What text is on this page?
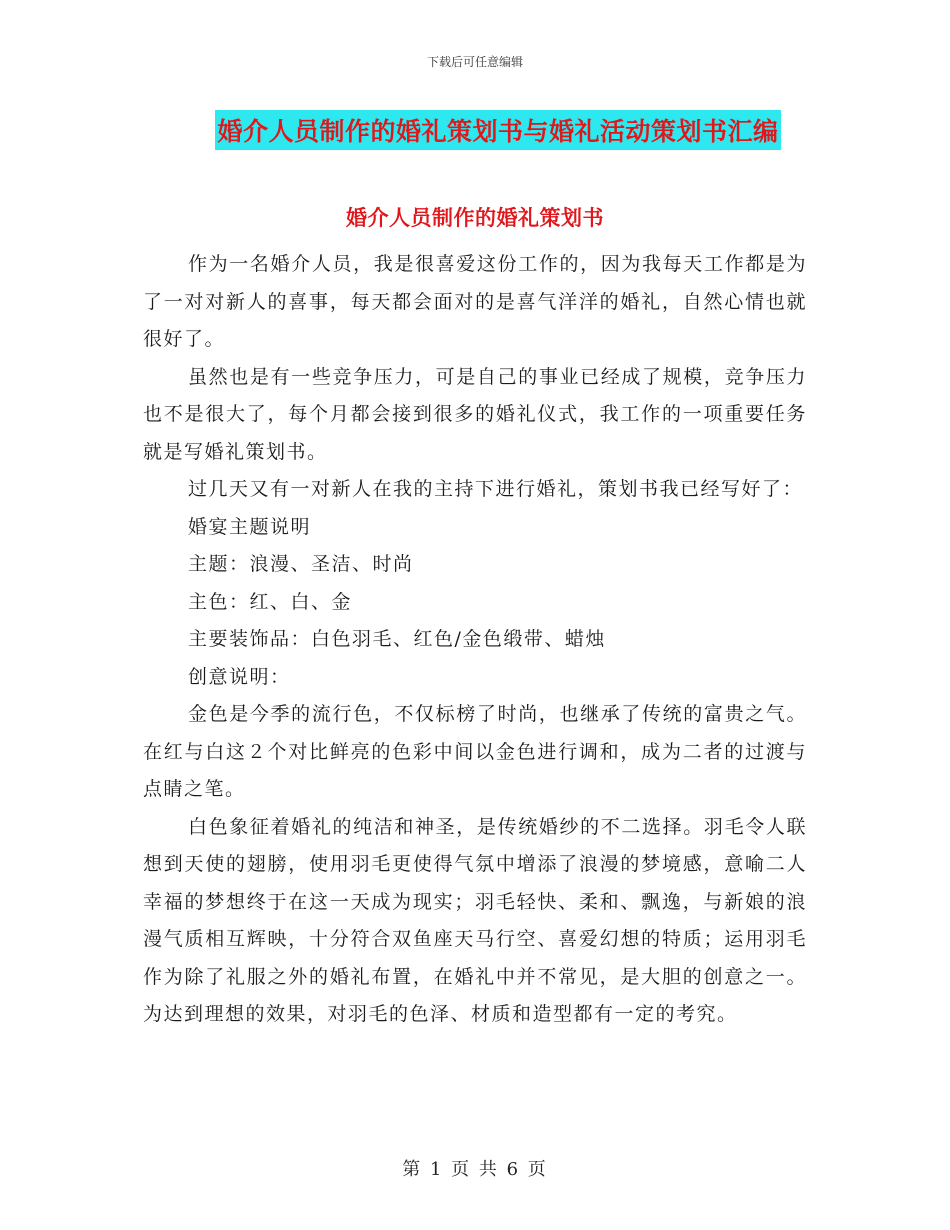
下载后可任意编辑
婚介人员制作的婚礼策划书与婚礼活动策划书汇编
婚介人员制作的婚礼策划书

作为一名婚介人员，我是很喜爱这份工作的，因为我每天工作都是为了一对对新人的喜事，每天都会面对的是喜气洋洋的婚礼，自然心情也就很好了。

虽然也是有一些竞争压力，可是自己的事业已经成了规模，竞争压力也不是很大了，每个月都会接到很多的婚礼仪式，我工作的一项重要任务就是写婚礼策划书。

过几天又有一对新人在我的主持下进行婚礼，策划书我已经写好了：

婚宴主题说明

主题：浪漫、圣洁、时尚

主色：红、白、金

主要装饰品：白色羽毛、红色/金色缎带、蜡烛

创意说明：

金色是今季的流行色，不仅标榜了时尚，也继承了传统的富贵之气。在红与白这２个对比鲜亮的色彩中间以金色进行调和，成为二者的过渡与点睛之笔。

白色象征着婚礼的纯洁和神圣，是传统婚纱的不二选择。羽毛令人联想到天使的翅膀，使用羽毛更使得气氛中增添了浪漫的梦境感，意喻二人幸福的梦想终于在这一天成为现实；羽毛轻快、柔和、飘逸，与新娘的浪漫气质相互辉映，十分符合双鱼座天马行空、喜爱幻想的特质；运用羽毛作为除了礼服之外的婚礼布置，在婚礼中并不常见，是大胆的创意之一。为达到理想的效果，对羽毛的色泽、材质和造型都有一定的考究。

第 1 页 共 6 页
